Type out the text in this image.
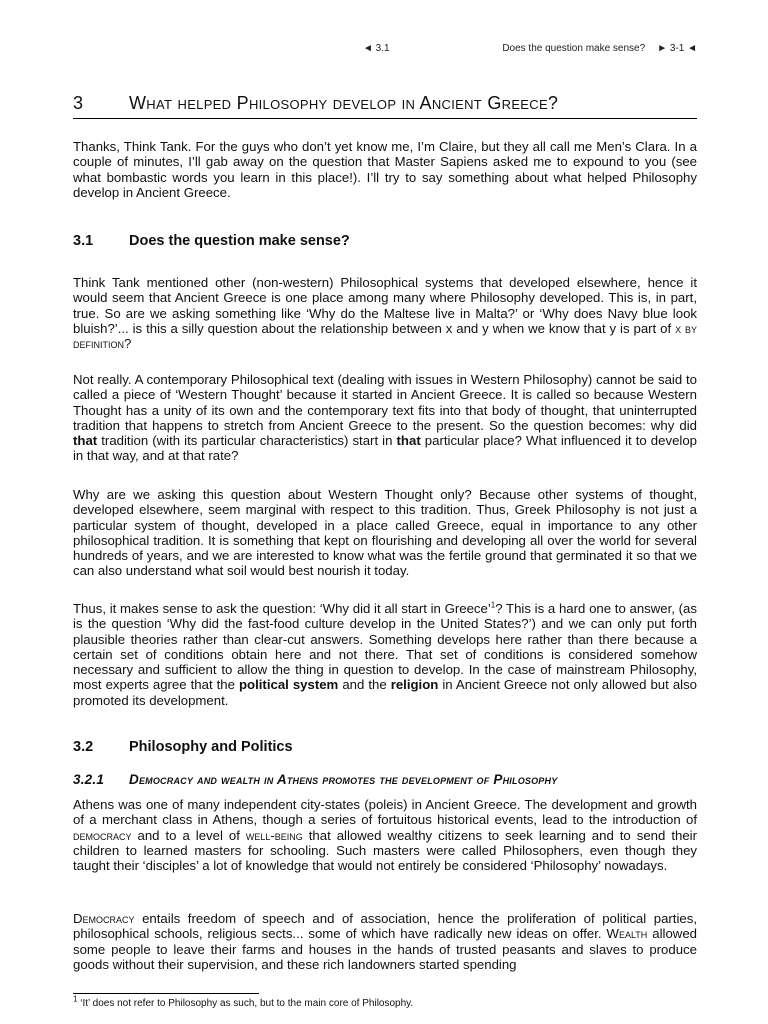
◄ 3.1	Does the question make sense? ► 3-1 ◄
3	What helped Philosophy develop in Ancient Greece?

Thanks, Think Tank. For the guys who don’t yet know me, I’m Claire, but they all call me Men’s Clara. In a couple of minutes, I’ll gab away on the question that Master Sapiens asked me to expound to you (see what bombastic words you learn in this place!). I’ll try to say something about what helped Philosophy develop in Ancient Greece.

3.1 Does the question make sense?

Think Tank mentioned other (non-western) Philosophical systems that developed elsewhere, hence it would seem that Ancient Greece is one place among many where Philosophy developed. This is, in part, true. So are we asking something like ‘Why do the Maltese live in Malta?’ or ‘Why does Navy blue look bluish?’... is this a silly question about the relationship between x and y when we know that y is part of x by definition?

Not really. A contemporary Philosophical text (dealing with issues in Western Philosophy) cannot be said to called a piece of ‘Western Thought’ because it started in Ancient Greece. It is called so because Western Thought has a unity of its own and the contemporary text fits into that body of thought, that uninterrupted tradition that happens to stretch from Ancient Greece to the present. So the question becomes: why did that tradition (with its particular characteristics) start in that particular place? What influenced it to develop in that way, and at that rate?

Why are we asking this question about Western Thought only? Because other systems of thought, developed elsewhere, seem marginal with respect to this tradition. Thus, Greek Philosophy is not just a particular system of thought, developed in a place called Greece, equal in importance to any other philosophical tradition. It is something that kept on flourishing and developing all over the world for several hundreds of years, and we are interested to know what was the fertile ground that germinated it so that we can also understand what soil would best nourish it today.

Thus, it makes sense to ask the question: ‘Why did it all start in Greece’$^1$? This is a hard one to answer, (as is the question ‘Why did the fast-food culture develop in the United States?’) and we can only put forth plausible theories rather than clear-cut answers. Something develops here rather than there because a certain set of conditions obtain here and not there. That set of conditions is considered somehow necessary and sufficient to allow the thing in question to develop. In the case of mainstream Philosophy, most experts agree that the political system and the religion in Ancient Greece not only allowed but also promoted its development.

3.2 Philosophy and Politics
3.2.1 Democracy and wealth in Athens promotes the development of Philosophy

Athens was one of many independent city-states (poleis) in Ancient Greece. The development and growth of a merchant class in Athens, though a series of fortuitous historical events, lead to the introduction of democracy and to a level of well-being that allowed wealthy citizens to seek learning and to send their children to learned masters for schooling. Such masters were called Philosophers, even though they taught their ‘disciples’ a lot of knowledge that would not entirely be considered ‘Philosophy’ nowadays.

Democracy entails freedom of speech and of association, hence the proliferation of political parties, philosophical schools, religious sects... some of which have radically new ideas on offer. Wealth allowed some people to leave their farms and houses in the hands of trusted peasants and slaves to produce goods without their supervision, and these rich landowners started spending

$^1$ ‘It’ does not refer to Philosophy as such, but to the main core of Philosophy.
